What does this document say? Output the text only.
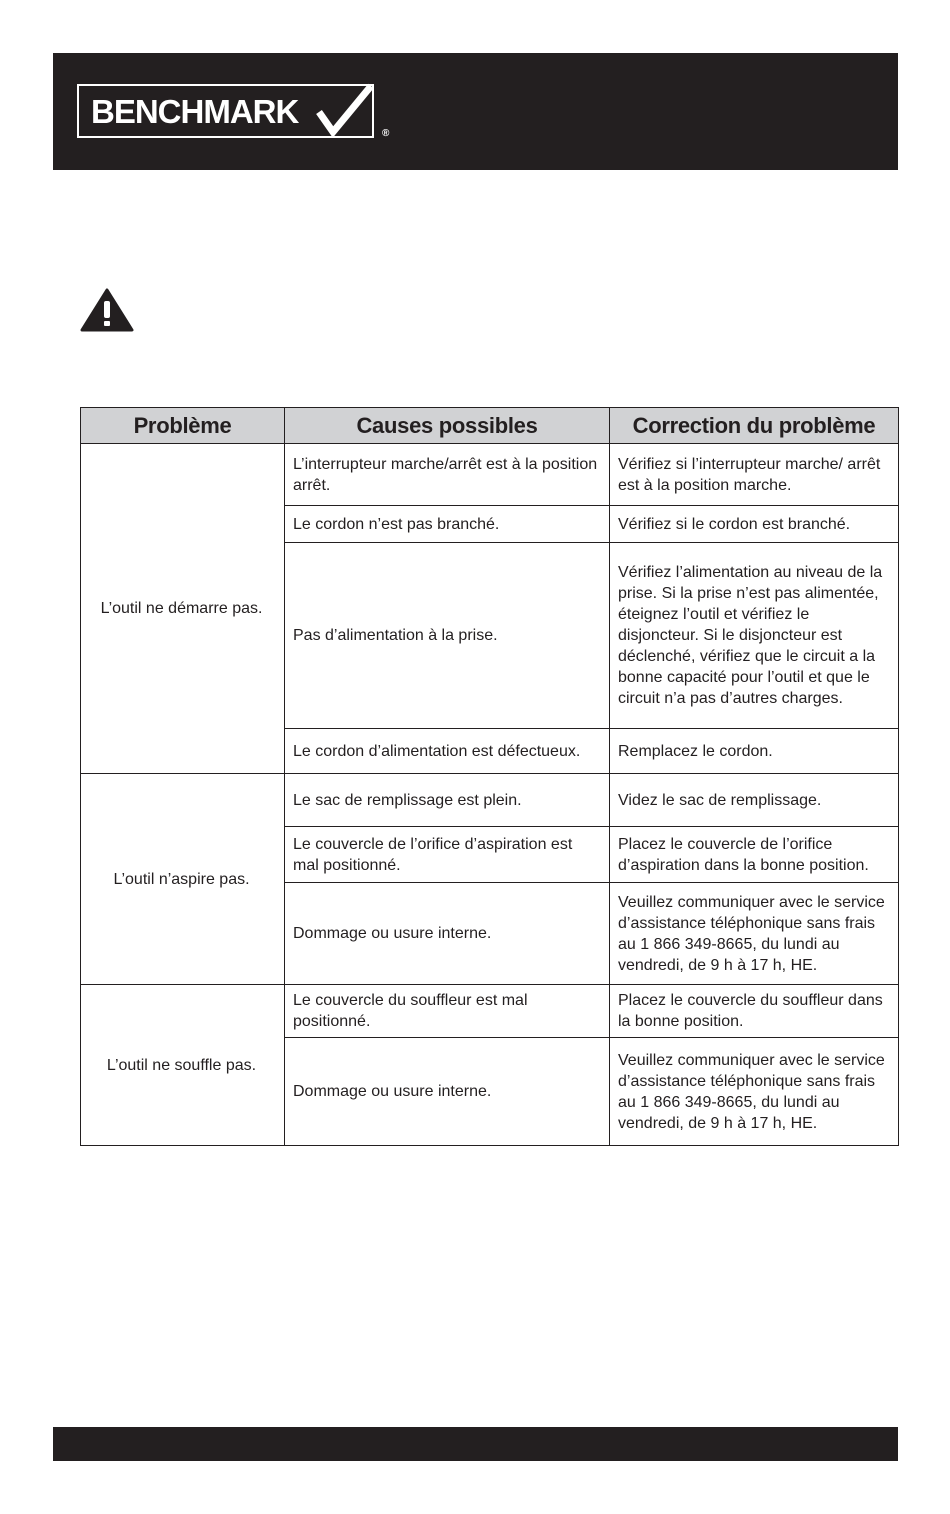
BENCHMARK
®
Problème	Causes possibles	Correction du problème
L’outil ne démarre pas.	L’interrupteur marche/arrêt est à la position arrêt.	Vérifiez si l’interrupteur marche/ arrêt est à la position marche.
	Le cordon n’est pas branché.	Vérifiez si le cordon est branché.
	Pas d’alimentation à la prise.	Vérifiez l’alimentation au niveau de la prise. Si la prise n’est pas alimentée, éteignez l’outil et vérifiez le disjoncteur. Si le disjoncteur est déclenché, vérifiez que le circuit a la bonne capacité pour l’outil et que le circuit n’a pas d’autres charges.
	Le cordon d’alimentation est défectueux.	Remplacez le cordon.
L’outil n’aspire pas.	Le sac de remplissage est plein.	Videz le sac de remplissage.
	Le couvercle de l’orifice d’aspiration est mal positionné.	Placez le couvercle de l’orifice d’aspiration dans la bonne position.
	Dommage ou usure interne.	Veuillez communiquer avec le service d’assistance téléphonique sans frais au 1 866 349-8665, du lundi au vendredi, de 9 h à 17 h, HE.
L’outil ne souffle pas.	Le couvercle du souffleur est mal positionné.	Placez le couvercle du souffleur dans la bonne position.
	Dommage ou usure interne.	Veuillez communiquer avec le service d’assistance téléphonique sans frais au 1 866 349-8665, du lundi au vendredi, de 9 h à 17 h, HE.
